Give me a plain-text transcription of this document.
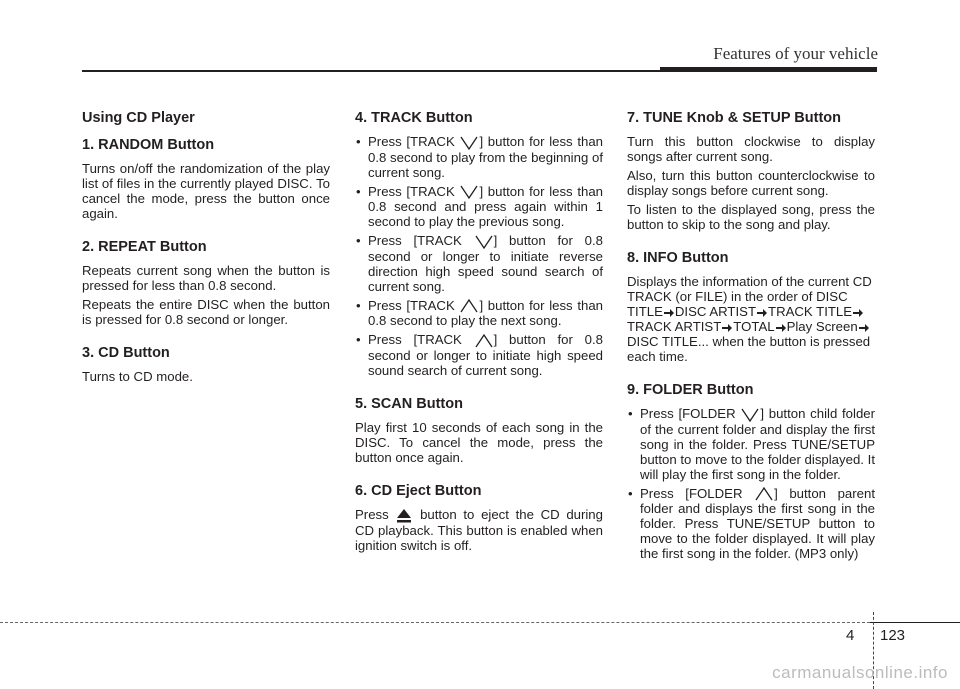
Features of your vehicle
Using CD Player
1. RANDOM Button

Turns on/off the randomization of the play list of files in the currently played DISC. To cancel the mode, press the button once again.

2. REPEAT Button

Repeats current song when the button is pressed for less than 0.8 second.

Repeats the entire DISC when the button is pressed for 0.8 second or longer.

3. CD Button

Turns to CD mode.

4. TRACK Button
• Press [TRACK ] button for less than 0.8 second to play from the beginning of current song.
• Press [TRACK ] button for less than 0.8 second and press again within 1 second to play the previous song.
• Press [TRACK ] button for 0.8 second or longer to initiate reverse direction high speed sound search of current song.
• Press [TRACK ] button for less than 0.8 second to play the next song.
• Press [TRACK ] button for 0.8 second or longer to initiate high speed sound search of current song.
5. SCAN Button

Play first 10 seconds of each song in the DISC. To cancel the mode, press the button once again.

6. CD Eject Button

Press button to eject the CD during CD playback. This button is enabled when ignition switch is off.

7. TUNE Knob & SETUP Button

Turn this button clockwise to display songs after current song.

Also, turn this button counterclockwise to display songs before current song.

To listen to the displayed song, press the button to skip to the song and play.

8. INFO Button

Displays the information of the current CD TRACK (or FILE) in the order of DISC TITLE DISC ARTIST TRACK TITLE TRACK ARTIST TOTAL Play Screen DISC TITLE... when the button is pressed each time.

9. FOLDER Button
• Press [FOLDER ] button child folder of the current folder and display the first song in the folder. Press TUNE/SETUP button to move to the folder displayed. It will play the first song in the folder.
• Press [FOLDER ] button parent folder and displays the first song in the folder. Press TUNE/SETUP button to move to the folder displayed. It will play the first song in the folder. (MP3 only)
4 123
carmanualsonline.info
